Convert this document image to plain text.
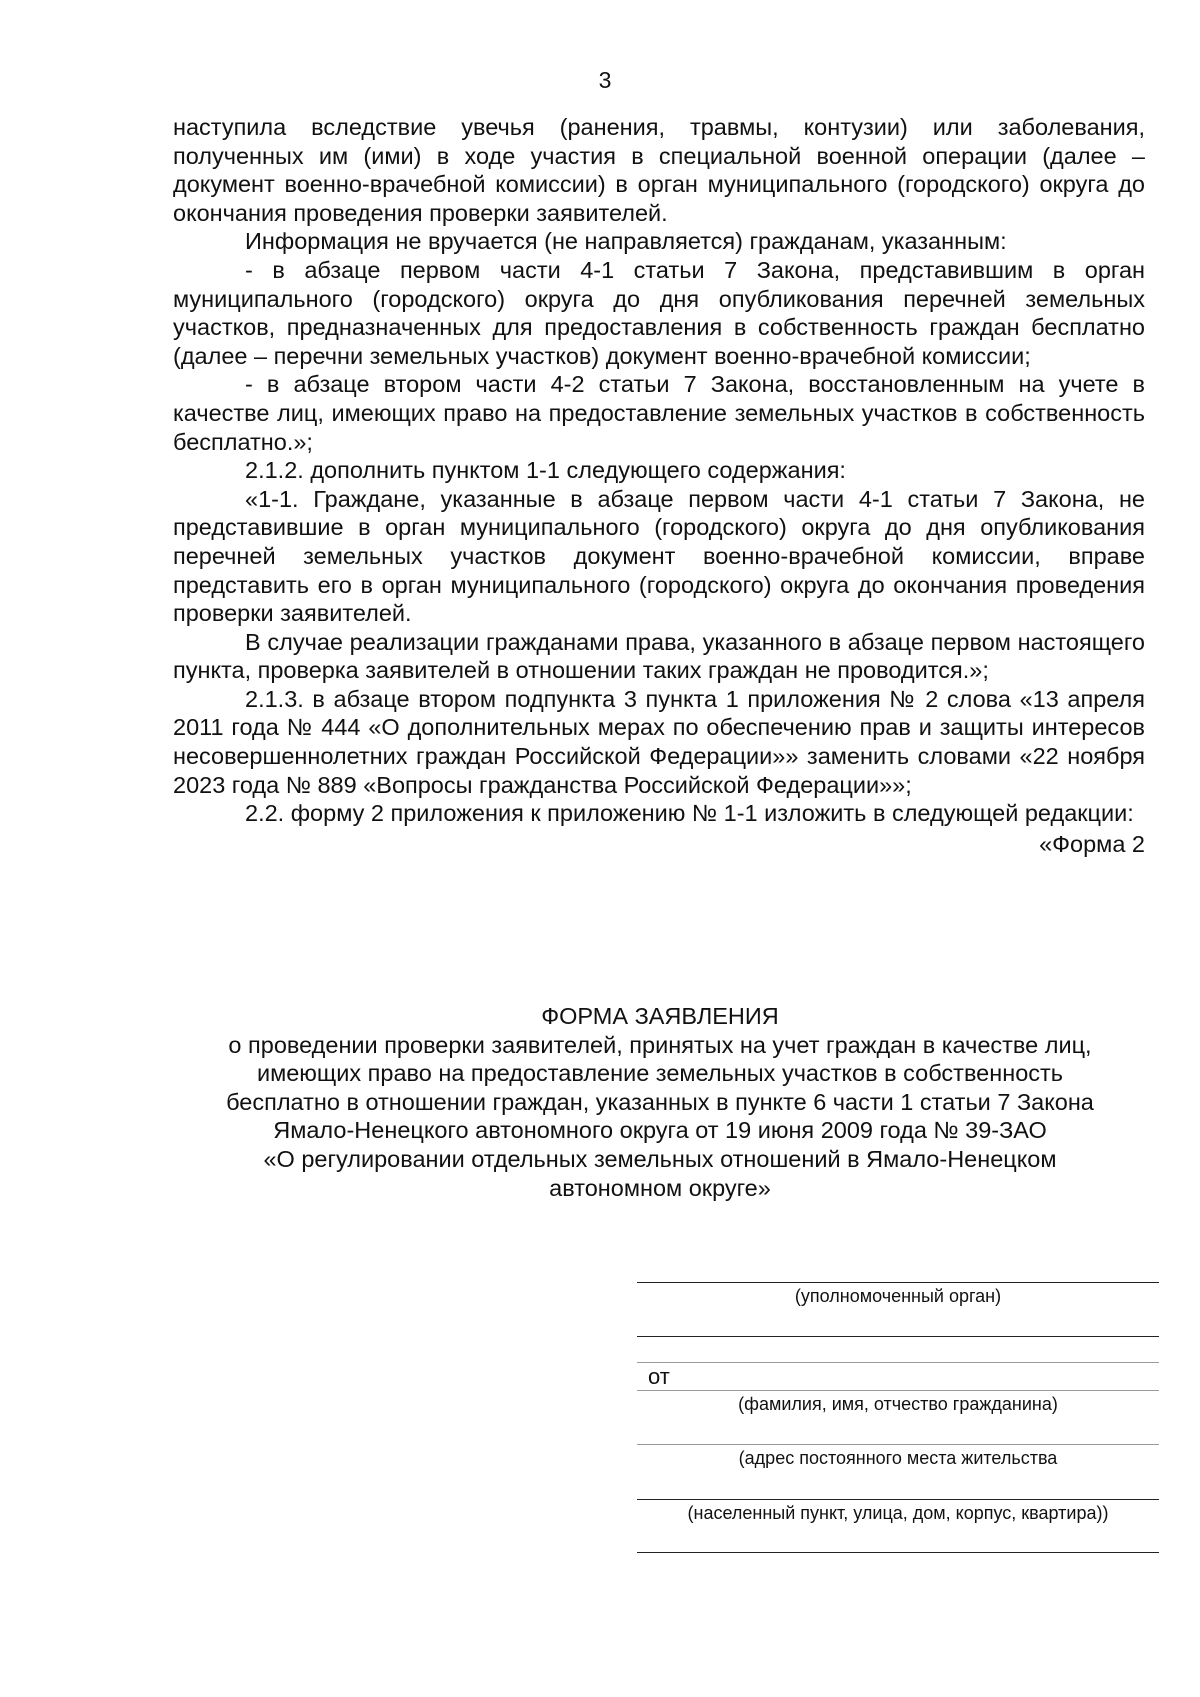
3

наступила вследствие увечья (ранения, травмы, контузии) или заболевания, полученных им (ими) в ходе участия в специальной военной операции (далее – документ военно-врачебной комиссии) в орган муниципального (городского) округа до окончания проведения проверки заявителей.

Информация не вручается (не направляется) гражданам, указанным:

- в абзаце первом части 4-1 статьи 7 Закона, представившим в орган муниципального (городского) округа до дня опубликования перечней земельных участков, предназначенных для предоставления в собственность граждан бесплатно (далее – перечни земельных участков) документ военно-врачебной комиссии;

- в абзаце втором части 4-2 статьи 7 Закона, восстановленным на учете в качестве лиц, имеющих право на предоставление земельных участков в собственность бесплатно.»;

2.1.2. дополнить пунктом 1-1 следующего содержания:

«1-1. Граждане, указанные в абзаце первом части 4-1 статьи 7 Закона, не представившие в орган муниципального (городского) округа до дня опубликования перечней земельных участков документ военно-врачебной комиссии, вправе представить его в орган муниципального (городского) округа до окончания проведения проверки заявителей.

В случае реализации гражданами права, указанного в абзаце первом настоящего пункта, проверка заявителей в отношении таких граждан не проводится.»;

2.1.3. в абзаце втором подпункта 3 пункта 1 приложения № 2 слова «13 апреля 2011 года № 444 «О дополнительных мерах по обеспечению прав и защиты интересов несовершеннолетних граждан Российской Федерации»» заменить словами «22 ноября 2023 года № 889 «Вопросы гражданства Российской Федерации»»;

2.2. форму 2 приложения к приложению № 1-1 изложить в следующей редакции:

«Форма 2

ФОРМА ЗАЯВЛЕНИЯ
о проведении проверки заявителей, принятых на учет граждан в качестве лиц,
имеющих право на предоставление земельных участков в собственность
бесплатно в отношении граждан, указанных в пункте 6 части 1 статьи 7 Закона
Ямало-Ненецкого автономного округа от 19 июня 2009 года № 39-ЗАО
«О регулировании отдельных земельных отношений в Ямало-Ненецком
автономном округе»
(уполномоченный орган)
от
(фамилия, имя, отчество гражданина)
(адрес постоянного места жительства
(населенный пункт, улица, дом, корпус, квартира))
